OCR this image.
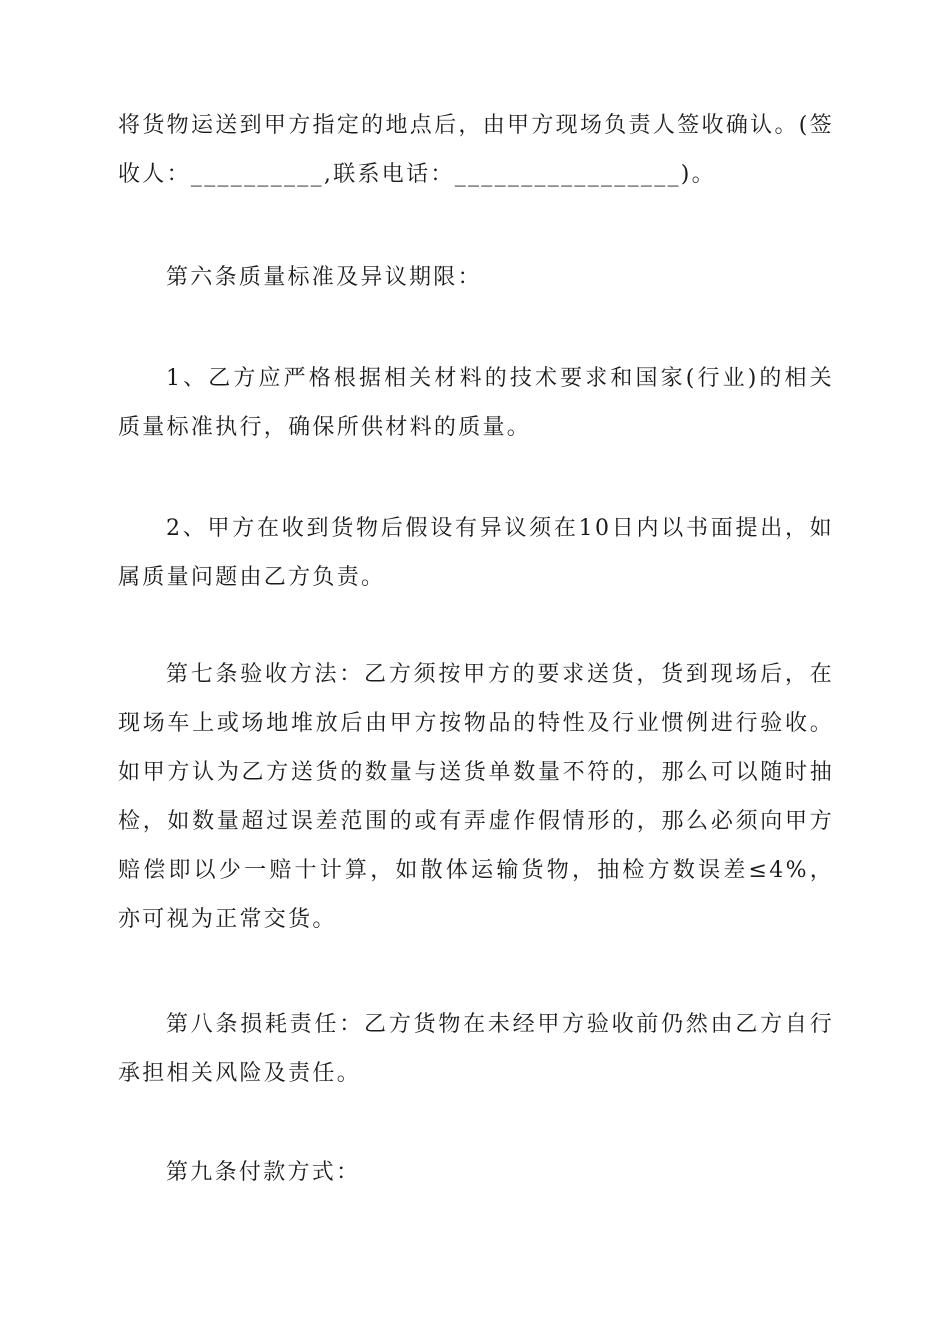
将货物运送到甲方指定的地点后，由甲方现场负责人签收确认。(签收人：__________,联系电话：_________________)。

第六条质量标准及异议期限：

1、乙方应严格根据相关材料的技术要求和国家(行业)的相关质量标准执行，确保所供材料的质量。

2、甲方在收到货物后假设有异议须在10日内以书面提出，如属质量问题由乙方负责。

第七条验收方法：乙方须按甲方的要求送货，货到现场后，在现场车上或场地堆放后由甲方按物品的特性及行业惯例进行验收。如甲方认为乙方送货的数量与送货单数量不符的，那么可以随时抽检，如数量超过误差范围的或有弄虚作假情形的，那么必须向甲方赔偿即以少一赔十计算，如散体运输货物，抽检方数误差≤4%，亦可视为正常交货。

第八条损耗责任：乙方货物在未经甲方验收前仍然由乙方自行承担相关风险及责任。

第九条付款方式：
